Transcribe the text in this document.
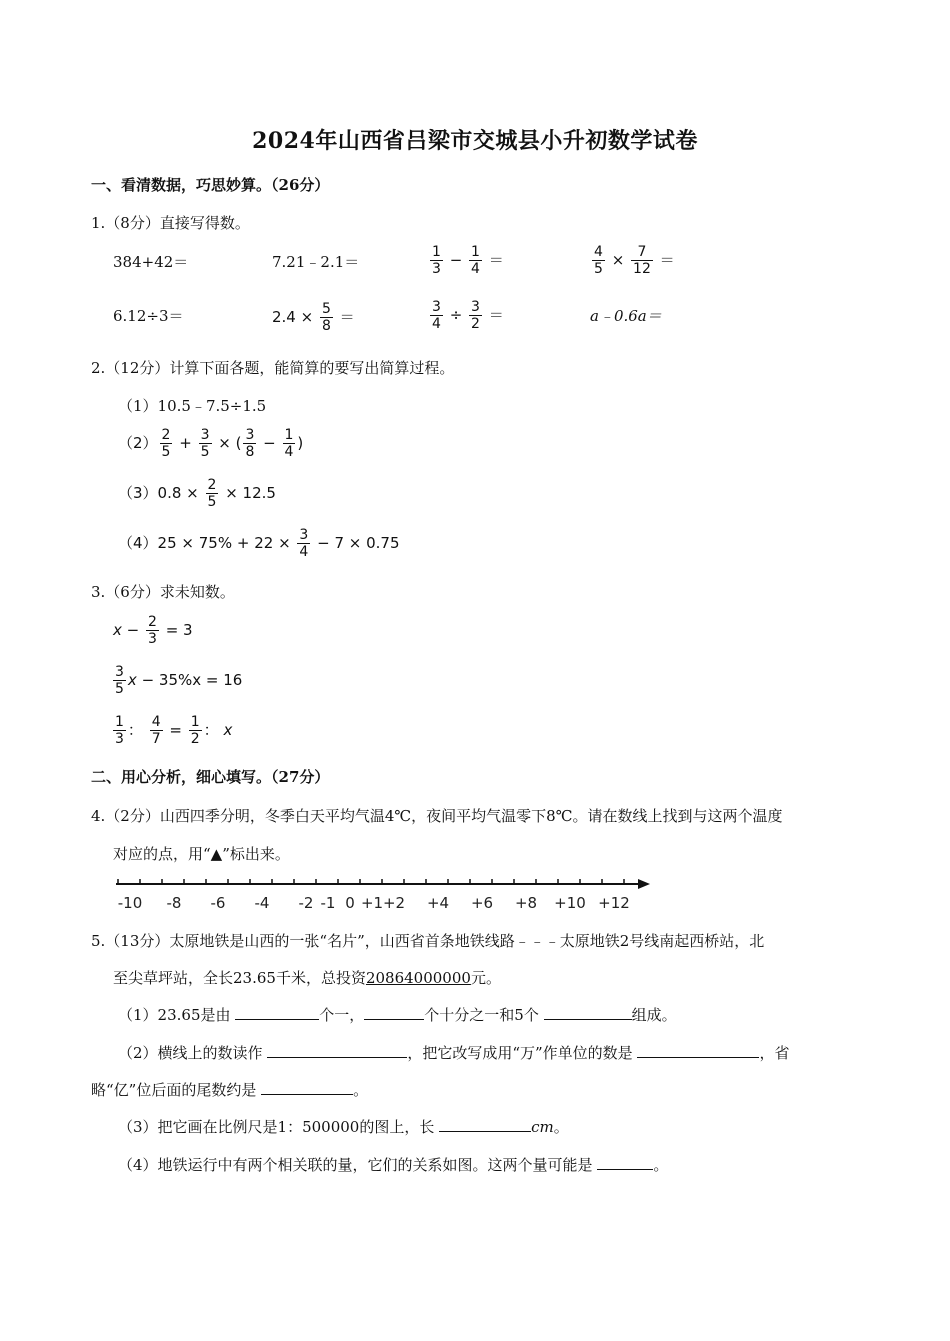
2024年山西省吕梁市交城县小升初数学试卷
一、看清数据，巧思妙算。（26分）
1.（8分）直接写得数。
384+42＝	7.21﹣2.1＝	$\frac{1}{3} - \frac{1}{4}$ ＝	$\frac{4}{5} \times \frac{7}{12}$ ＝
6.12÷3＝	$2.4 \times \frac{5}{8}$ ＝	$\frac{3}{4} \div \frac{3}{2}$ ＝	a﹣0.6a＝
2.（12分）计算下面各题，能简算的要写出简算过程。
（1）10.5﹣7.5÷1.5
$(2) \frac{2}{5} + \frac{3}{5}$ × ( $\frac{3}{8} - \frac{1}{4}$ )
$(3)0.8 \times \frac{2}{5} \times 12.5$
$(4)25 \times 75\% + 22 \times \frac{3}{4} - 7 \times 0.75$
3.（6分）求未知数。
$x - \frac{2}{3} = 3$
$\frac{3}{5}$ x − 35%x = 16
$\frac{1}{3}$ ： $\frac{4}{7} = \frac{1}{2}$ ： x
二、用心分析，细心填写。（27分）
4.（2分）山西四季分明，冬季白天平均气温4℃，夜间平均气温零下8℃。请在数线上找到与这两个温度
对应的点，用“▲”标出来。
-10 -8 -6 -4 -2 -1 0 +1 +2 +4 +6 +8 +10 +12
5.（13分）太原地铁是山西的一张“名片”，山西省首条地铁线路﹣﹣﹣太原地铁2号线南起西桥站，北
至尖草坪站，全长23.65千米，总投资20864000000元。
（1）23.65是由	个一，	个十分之一和5个	组成。
（2）横线上的数读作	，把它改写成用“万”作单位的数是	，省
略“亿”位后面的尾数约是	。
（3）把它画在比例尺是1：500000的图上，长	cm。
（4）地铁运行中有两个相关联的量，它们的关系如图。这两个量可能是	。
